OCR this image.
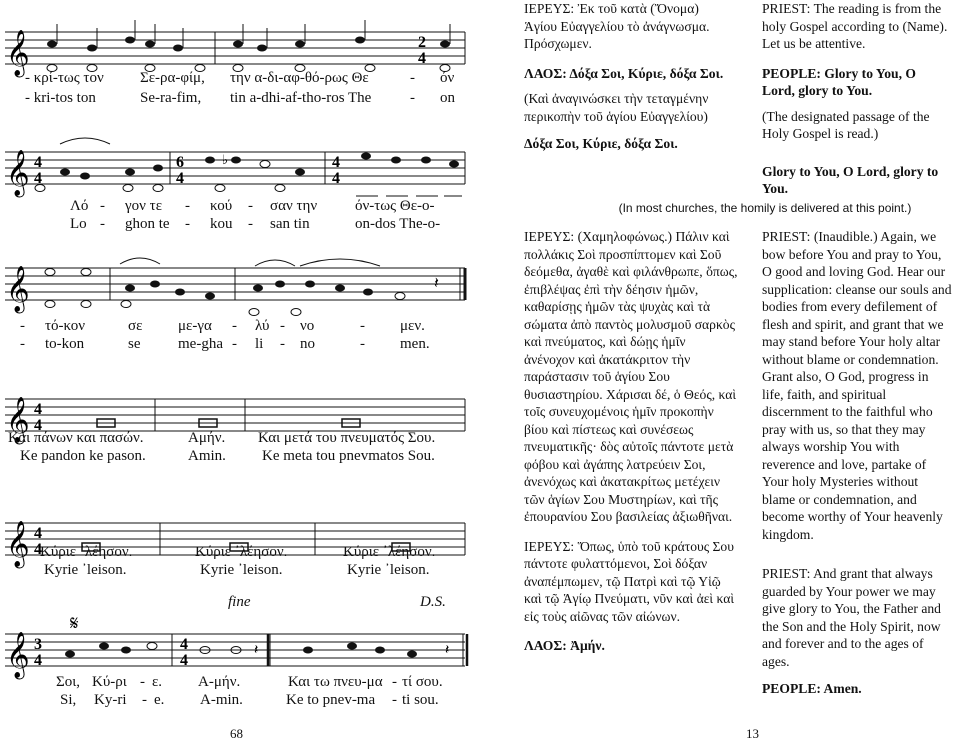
𝄞	2
4
- κρί-τως τον Σε-ρα-φίμ, την α-δι-αφ-θό-ρως Θε	- όν
- kri-tos ton	Se-ra-fim, tin a-dhi-af-tho-ros The	- on
𝄞 4
4
6
4
4
4
♭
Λό - γον τε - κού - σαν την	όν-τως Θε-ο-
Lo - ghon te - kou - san tin	on-dos The-o-
𝄞	𝄽
- τό-κον	σε με-γα - λύ - νο	- μεν.
- to-kon	se	me-gha - li - no	- men.
𝄞 4
4
Και πάνων και πασών.	Αμήν. Και μετά του πνευματός Σου.
Ke pandon ke pason.	Amin. Ke meta tou pnevmatos Sou.
𝄞 4
4
Κύριε ᾽λέησον.	Κύριε ᾽λέησον.	Κύριε ᾽λέησον.
Kyrie ᾽leison.	Kyrie ᾽leison.	Kyrie ᾽leison.
fine	D.S.
𝄋
𝄞 3
4
4
4
𝄽	𝄽
Σοι, Κύ-ρι - ε. Α-μήν.	Και τω πνευ-μα - τί σου.
Si, Ky-ri - e. A-min.	Ke to pnev-ma - ti sou.
68

ΙΕΡΕΥΣ: Ἐκ τοῦ κατὰ (Ὄνομα) Ἁγίου Εὐαγγελίου τὸ ἀνάγνωσμα. Πρόσχωμεν.

ΛΑΟΣ: Δόξα Σοι, Κύριε, δόξα Σοι.

(Καὶ ἀναγινώσκει τὴν τεταγμένην περικοπὴν τοῦ ἁγίου Εὐαγγελίου)

Δόξα Σοι, Κύριε, δόξα Σοι.

PRIEST: The reading is from the holy Gospel according to (Name). Let us be attentive.

PEOPLE: Glory to You, O Lord, glory to You.

(The designated passage of the Holy Gospel is read.)

Glory to You, O Lord, glory to You.

(In most churches, the homily is delivered at this point.)

ΙΕΡΕΥΣ: (Χαμηλοφώνως.) Πάλιν καὶ πολλάκις Σοὶ προσπίπτομεν καὶ Σοῦ δεόμεθα, ἀγαθὲ καὶ φιλάνθρωπε, ὅπως, ἐπιβλέψας ἐπὶ τὴν δέησιν ἡμῶν, καθαρίσῃς ἡμῶν τὰς ψυχὰς καὶ τὰ σώματα ἀπὸ παντὸς μολυσμοῦ σαρκὸς καὶ πνεύματος, καὶ δώῃς ἡμῖν ἀνένοχον καὶ ἀκατάκριτον τὴν παράστασιν τοῦ ἁγίου Σου θυσιαστηρίου. Χάρισαι δέ, ὁ Θεός, καὶ τοῖς συνευχομένοις ἡμῖν προκοπὴν βίου καὶ πίστεως καὶ συνέσεως πνευματικῆς· δὸς αὐτοῖς πάντοτε μετὰ φόβου καὶ ἀγάπης λατρεύειν Σοι, ἀνενόχως καὶ ἀκατακρίτως μετέχειν τῶν ἁγίων Σου Μυστηρίων, καὶ τῆς ἐπουρανίου Σου βασιλείας ἀξιωθῆναι.

ΙΕΡΕΥΣ: Ὅπως, ὑπὸ τοῦ κράτους Σου πάντοτε φυλαττόμενοι, Σοὶ δόξαν ἀναπέμπωμεν, τῷ Πατρὶ καὶ τῷ Υἱῷ καὶ τῷ Ἁγίῳ Πνεύματι, νῦν καὶ ἀεὶ καὶ εἰς τοὺς αἰῶνας τῶν αἰώνων.

ΛΑΟΣ: Ἀμήν.

PRIEST: (Inaudible.) Again, we bow before You and pray to You, O good and loving God. Hear our supplication: cleanse our souls and bodies from every defilement of flesh and spirit, and grant that we may stand before Your holy altar without blame or condemnation. Grant also, O God, progress in life, faith, and spiritual discernment to the faithful who pray with us, so that they may always worship You with reverence and love, partake of Your holy Mysteries without blame or condemnation, and become worthy of Your heavenly kingdom.

PRIEST: And grant that always guarded by Your power we may give glory to You, the Father and the Son and the Holy Spirit, now and forever and to the ages of ages.

PEOPLE: Amen.

13
